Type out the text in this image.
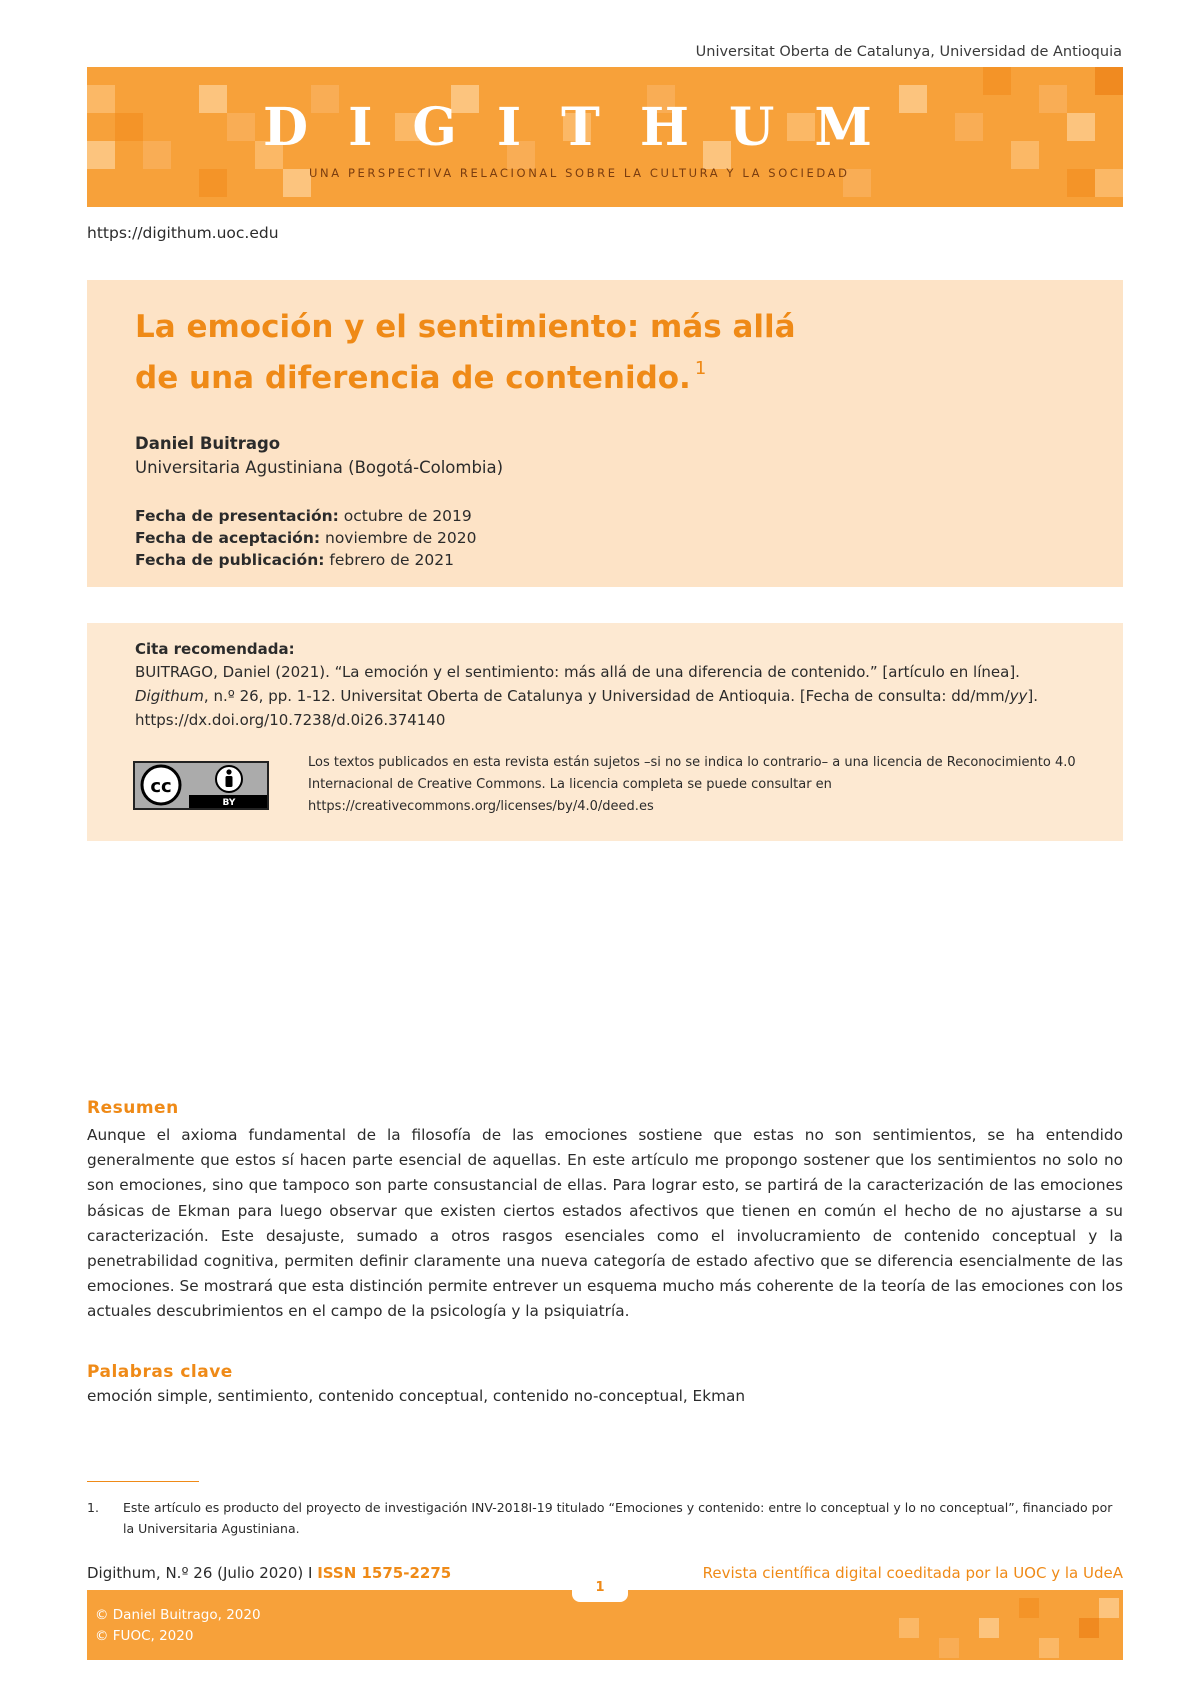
Universitat Oberta de Catalunya, Universidad de Antioquia
DIGITHUM
UNA PERSPECTIVA RELACIONAL SOBRE LA CULTURA Y LA SOCIEDAD
https://digithum.uoc.edu
La emoción y el sentimiento: más allá
de una diferencia de contenido. $^1$
Daniel Buitrago
Universitaria Agustiniana (Bogotá-Colombia)
Fecha de presentación: octubre de 2019
Fecha de aceptación: noviembre de 2020
Fecha de publicación: febrero de 2021
Cita recomendada:
BUITRAGO, Daniel (2021). “La emoción y el sentimiento: más allá de una diferencia de contenido.” [artículo en línea]. Digithum, n.º 26, pp. 1-12. Universitat Oberta de Catalunya y Universidad de Antioquia. [Fecha de consulta: dd/mm/yy]. https://dx.doi.org/10.7238/d.0i26.374140
cc
BY
Los textos publicados en esta revista están sujetos –si no se indica lo contrario– a una licencia de Reconocimiento 4.0 Internacional de Creative Commons. La licencia completa se puede consultar en https://creativecommons.org/licenses/by/4.0/deed.es
Resumen
Aunque el axioma fundamental de la filosofía de las emociones sostiene que estas no son sentimientos, se ha entendido generalmente que estos sí hacen parte esencial de aquellas. En este artículo me propongo sostener que los sentimientos no solo no son emociones, sino que tampoco son parte consustancial de ellas. Para lograr esto, se partirá de la caracterización de las emociones básicas de Ekman para luego observar que existen ciertos estados afectivos que tienen en común el hecho de no ajustarse a su caracterización. Este desajuste, sumado a otros rasgos esenciales como el involucramiento de contenido conceptual y la penetrabilidad cognitiva, permiten definir claramente una nueva categoría de estado afectivo que se diferencia esencialmente de las emociones. Se mostrará que esta distinción permite entrever un esquema mucho más coherente de la teoría de las emociones con los actuales descubrimientos en el campo de la psicología y la psiquiatría.
Palabras clave
emoción simple, sentimiento, contenido conceptual, contenido no-conceptual, Ekman
1. Este artículo es producto del proyecto de investigación INV-2018I-19 titulado “Emociones y contenido: entre lo conceptual y lo no conceptual”, financiado por la Universitaria Agustiniana.
Digithum, N.º 26 (Julio 2020) I ISSN 1575-2275	Revista científica digital coeditada por la UOC y la UdeA
1
© Daniel Buitrago, 2020
© FUOC, 2020
